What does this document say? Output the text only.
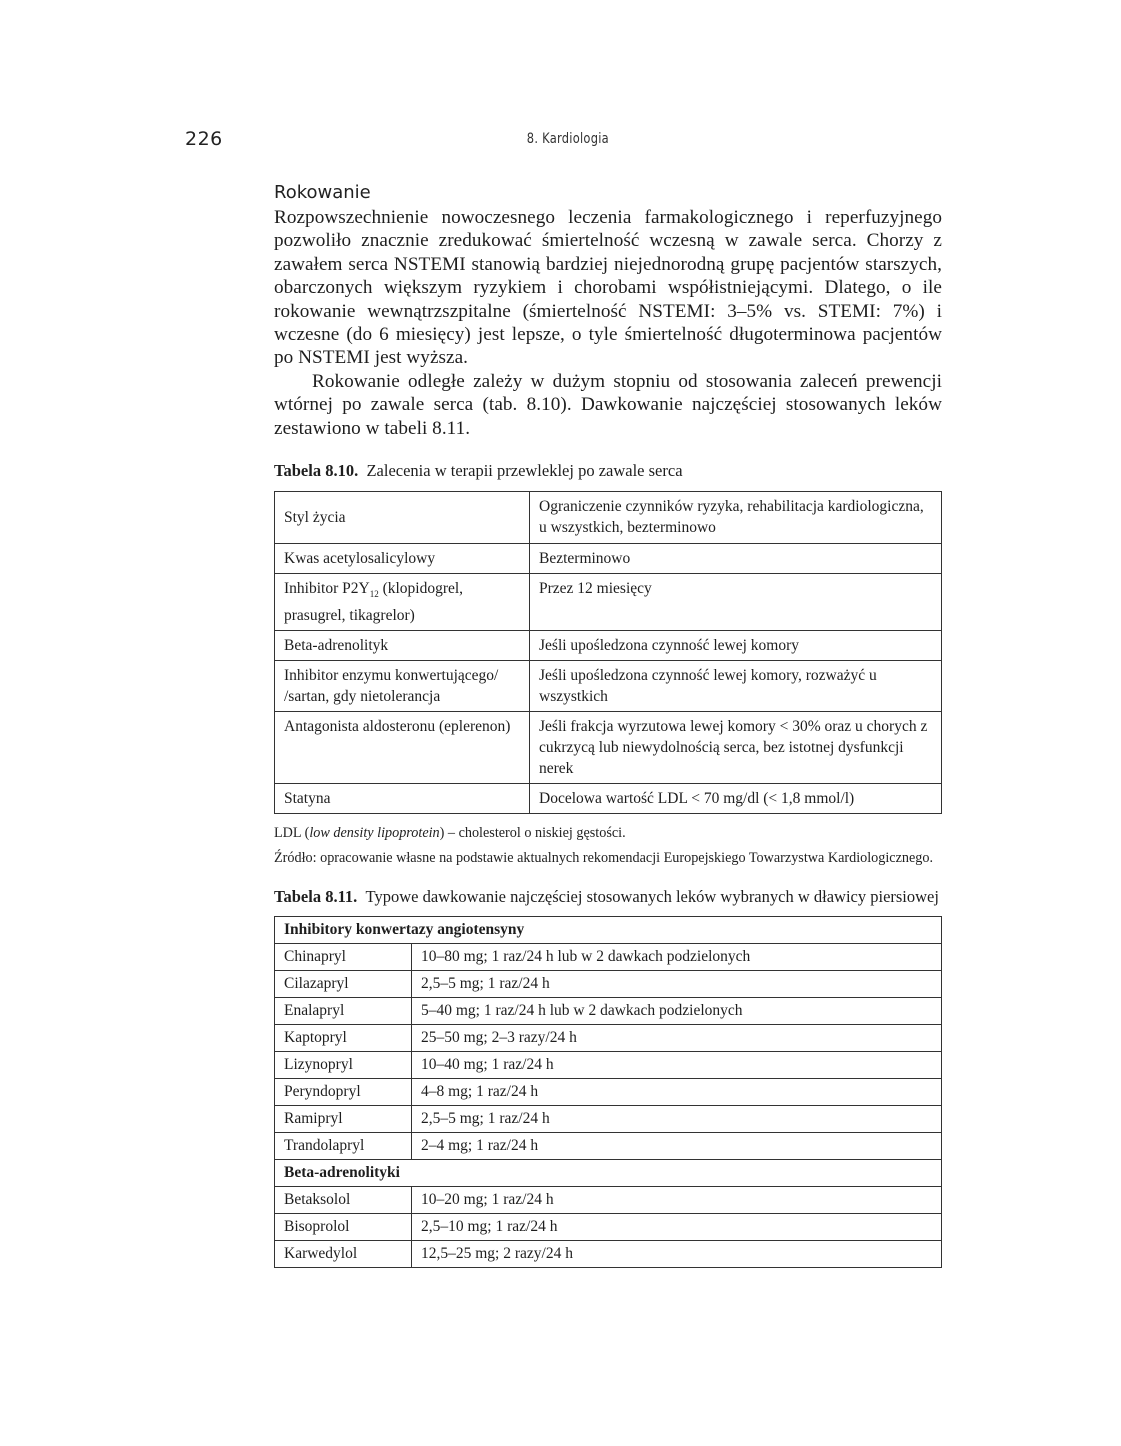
226	8. Kardiologia
Rokowanie

Rozpowszechnienie nowoczesnego leczenia farmakologicznego i reperfuzyjnego pozwoliło znacznie zredukować śmiertelność wczesną w zawale serca. Chorzy z zawałem serca NSTEMI stanowią bardziej niejednorodną grupę pacjentów starszych, obarczonych większym ryzykiem i chorobami współistniejącymi. Dlatego, o ile rokowanie wewnątrzszpitalne (śmiertelność NSTEMI: 3–5% vs. STEMI: 7%) i wczesne (do 6 miesięcy) jest lepsze, o tyle śmiertelność długoterminowa pacjentów po NSTEMI jest wyższa.

Rokowanie odległe zależy w dużym stopniu od stosowania zaleceń prewencji wtórnej po zawale serca (tab. 8.10). Dawkowanie najczęściej stosowanych leków zestawiono w tabeli 8.11.

Tabela 8.10. Zalecenia w terapii przewleklej po zawale serca

Styl życia	Ograniczenie czynników ryzyka, rehabilitacja kardiologiczna, u wszystkich, bezterminowo
Kwas acetylosalicylowy	Bezterminowo
Inhibitor $P2Y_{12}$ (klopidogrel, prasugrel, tikagrelor)	Przez 12 miesięcy
Beta-adrenolityk	Jeśli upośledzona czynność lewej komory
Inhibitor enzymu konwertującego/ /sartan, gdy nietolerancja	Jeśli upośledzona czynność lewej komory, rozważyć u wszystkich
Antagonista aldosteronu (eplerenon)	Jeśli frakcja wyrzutowa lewej komory < 30% oraz u chorych z cukrzycą lub niewydolnością serca, bez istotnej dysfunkcji nerek
Statyna	Docelowa wartość LDL < 70 mg/dl (< 1,8 mmol/l)

LDL (low density lipoprotein) – cholesterol o niskiej gęstości.

Źródło: opracowanie własne na podstawie aktualnych rekomendacji Europejskiego Towarzystwa Kardiologicznego.

Tabela 8.11. Typowe dawkowanie najczęściej stosowanych leków wybranych w dławicy piersiowej

Inhibitory konwertazy angiotensyny	
Chinapryl	10–80 mg; 1 raz/24 h lub w 2 dawkach podzielonych
Cilazapryl	2,5–5 mg; 1 raz/24 h
Enalapryl	5–40 mg; 1 raz/24 h lub w 2 dawkach podzielonych
Kaptopryl	25–50 mg; 2–3 razy/24 h
Lizynopryl	10–40 mg; 1 raz/24 h
Peryndopryl	4–8 mg; 1 raz/24 h
Ramipryl	2,5–5 mg; 1 raz/24 h
Trandolapryl	2–4 mg; 1 raz/24 h
Beta-adrenolityki	
Betaksolol	10–20 mg; 1 raz/24 h
Bisoprolol	2,5–10 mg; 1 raz/24 h
Karwedylol	12,5–25 mg; 2 razy/24 h
